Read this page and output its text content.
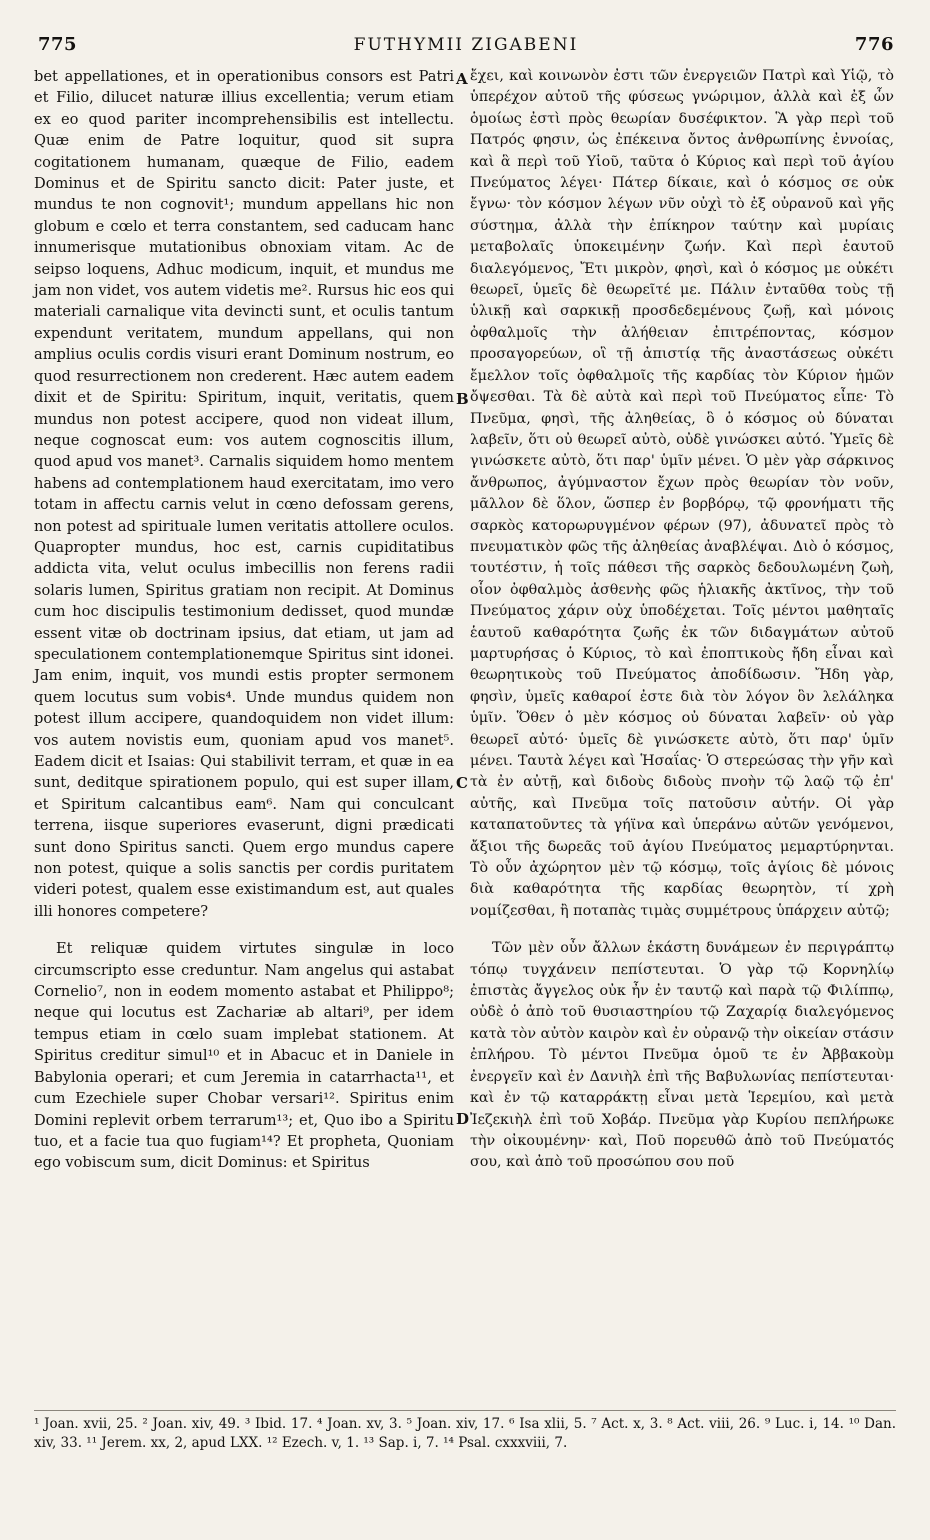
775	FUTHYMII ZIGABENI	776

bet appellationes, et in operationibus consors est Patri et Filio, dilucet naturæ illius excellentia; verum etiam ex eo quod pariter incomprehensibilis est intellectu. Quæ enim de Patre loquitur, quod sit supra cogitationem humanam, quæque de Filio, eadem Dominus et de Spiritu sancto dicit: Pater juste, et mundus te non cognovit¹; mundum appellans hic non globum e cœlo et terra constantem, sed caducam hanc innumerisque mutationibus obnoxiam vitam. Ac de seipso loquens, Adhuc modicum, inquit, et mundus me jam non videt, vos autem videtis me². Rursus hic eos qui materiali carnalique vita devincti sunt, et oculis tantum expendunt veritatem, mundum appellans, qui non amplius oculis cordis visuri erant Dominum nostrum, eo quod resurrectionem non crederent. Hæc autem eadem dixit et de Spiritu: Spiritum, inquit, veritatis, quem mundus non potest accipere, quod non videat illum, neque cognoscat eum: vos autem cognoscitis illum, quod apud vos manet³. Carnalis siquidem homo mentem habens ad contemplationem haud exercitatam, imo vero totam in affectu carnis velut in cœno defossam gerens, non potest ad spiritualе lumen veritatis attollere oculos. Quapropter mundus, hoc est, carnis cupiditatibus addicta vita, velut oculus imbecillis non ferens radii solaris lumen, Spiritus gratiam non recipit. At Dominus cum hoc discipulis testimonium dedisset, quod mundæ essent vitæ ob doctrinam ipsius, dat etiam, ut jam ad speculationem contemplationemque Spiritus sint idonei. Jam enim, inquit, vos mundi estis propter sermonem quem locutus sum vobis⁴. Unde mundus quidem non potest illum accipere, quandoquidem non videt illum: vos autem novistis eum, quoniam apud vos manet⁵. Eadem dicit et Isaias: Qui stabilivit terram, et quæ in ea sunt, deditque spirationem populo, qui est super illam, et Spiritum calcantibus eam⁶. Nam qui conculcant terrena, iisque superiores evaserunt, digni prædicati sunt dono Spiritus sancti. Quem ergo mundus capere non potest, quique a solis sanctis per cordis puritatem videri potest, qualem esse existimandum est, aut quales illi honores competere?

Et reliquæ quidem virtutes singulæ in loco circumscripto esse creduntur. Nam angelus qui astabat Cornelio⁷, non in eodem momento astabat et Philippo⁸; neque qui locutus est Zachariæ ab altari⁹, per idem tempus etiam in cœlo suam implebat stationem. At Spiritus creditur simul¹⁰ et in Abacuc et in Daniele in Babylonia operari; et cum Jeremia in catarrhacta¹¹, et cum Ezechiele super Chobar versari¹². Spiritus enim Domini replevit orbem terrarum¹³; et, Quo ibo a Spiritu tuo, et a facie tua quo fugiam¹⁴? Et propheta, Quoniam ego vobiscum sum, dicit Dominus: et Spiritus

A
B
C
D

ἔχει, καὶ κοινωνὸν ἐστι τῶν ἐνεργειῶν Πατρὶ καὶ Υἱῷ, τὸ ὑπερέχον αὐτοῦ τῆς φύσεως γνώριμον, ἀλλὰ καὶ ἐξ ὧν ὁμοίως ἐστὶ πρὸς θεωρίαν δυσέφικτον. Ἃ γὰρ περὶ τοῦ Πατρός φησιν, ὡς ἐπέκεινα ὄντος ἀνθρωπίνης ἐννοίας, καὶ ἃ περὶ τοῦ Υἱοῦ, ταῦτα ὁ Κύριος καὶ περὶ τοῦ ἁγίου Πνεύματος λέγει· Πάτερ δίκαιε, καὶ ὁ κόσμος σε οὐκ ἔγνω· τὸν κόσμον λέγων νῦν οὐχὶ τὸ ἐξ οὐρανοῦ καὶ γῆς σύστημα, ἀλλὰ τὴν ἐπίκηρον ταύτην καὶ μυρίαις μεταβολαῖς ὑποκειμένην ζωήν. Καὶ περὶ ἑαυτοῦ διαλεγόμενος, Ἔτι μικρὸν, φησὶ, καὶ ὁ κόσμος με οὐκέτι θεωρεῖ, ὑμεῖς δὲ θεωρεῖτέ με. Πάλιν ἐνταῦθα τοὺς τῇ ὑλικῇ καὶ σαρκικῇ προσδεδεμένους ζωῇ, καὶ μόνοις ὀφθαλμοῖς τὴν ἀλήθειαν ἐπιτρέποντας, κόσμον προσαγορεύων, οἳ τῇ ἀπιστίᾳ τῆς ἀναστάσεως οὐκέτι ἔμελλον τοῖς ὀφθαλμοῖς τῆς καρδίας τὸν Κύριον ἡμῶν ὄψεσθαι. Τὰ δὲ αὐτὰ καὶ περὶ τοῦ Πνεύματος εἶπε· Τὸ Πνεῦμα, φησὶ, τῆς ἀληθείας, ὃ ὁ κόσμος οὐ δύναται λαβεῖν, ὅτι οὐ θεωρεῖ αὐτὸ, οὐδὲ γινώσκει αὐτό. Ὑμεῖς δὲ γινώσκετε αὐτὸ, ὅτι παρ' ὑμῖν μένει. Ὁ μὲν γὰρ σάρκινος ἄνθρωπος, ἀγύμναστον ἔχων πρὸς θεωρίαν τὸν νοῦν, μᾶλλον δὲ ὅλον, ὥσπερ ἐν βορβόρῳ, τῷ φρονήματι τῆς σαρκὸς κατορωρυγμένον φέρων (97), ἀδυνατεῖ πρὸς τὸ πνευματικὸν φῶς τῆς ἀληθείας ἀναβλέψαι. Διὸ ὁ κόσμος, τουτέστιν, ἡ τοῖς πάθεσι τῆς σαρκὸς δεδουλωμένη ζωὴ, οἷον ὀφθαλμὸς ἀσθενὴς φῶς ἡλιακῆς ἀκτῖνος, τὴν τοῦ Πνεύματος χάριν οὐχ ὑποδέχεται. Τοῖς μέντοι μαθηταῖς ἑαυτοῦ καθαρότητα ζωῆς ἐκ τῶν διδαγμάτων αὐτοῦ μαρτυρήσας ὁ Κύριος, τὸ καὶ ἐποπτικοὺς ἤδη εἶναι καὶ θεωρητικοὺς τοῦ Πνεύματος ἀποδίδωσιν. Ἤδη γὰρ, φησὶν, ὑμεῖς καθαροί ἐστε διὰ τὸν λόγον ὃν λελάληκα ὑμῖν. Ὅθεν ὁ μὲν κόσμος οὐ δύναται λαβεῖν· οὐ γὰρ θεωρεῖ αὐτό· ὑμεῖς δὲ γινώσκετε αὐτὸ, ὅτι παρ' ὑμῖν μένει. Ταυτὰ λέγει καὶ Ἡσαΐας· Ὁ στερεώσας τὴν γῆν καὶ τὰ ἐν αὐτῇ, καὶ διδοὺς διδοὺς πνοὴν τῷ λαῷ τῷ ἐπ' αὐτῆς, καὶ Πνεῦμα τοῖς πατοῦσιν αὐτήν. Οἱ γὰρ καταπατοῦντες τὰ γήϊνα καὶ ὑπεράνω αὐτῶν γενόμενοι, ἄξιοι τῆς δωρεᾶς τοῦ ἁγίου Πνεύματος μεμαρτύρηνται. Τὸ οὖν ἀχώρητον μὲν τῷ κόσμῳ, τοῖς ἁγίοις δὲ μόνοις διὰ καθαρότητα τῆς καρδίας θεωρητὸν, τί χρὴ νομίζεσθαι, ἢ ποταπὰς τιμὰς συμμέτρους ὑπάρχειν αὐτῷ;

Τῶν μὲν οὖν ἄλλων ἑκάστη δυνάμεων ἐν περιγράπτῳ τόπῳ τυγχάνειν πεπίστευται. Ὁ γὰρ τῷ Κορνηλίῳ ἐπιστὰς ἄγγελος οὐκ ἦν ἐν ταυτῷ καὶ παρὰ τῷ Φιλίππῳ, οὐδὲ ὁ ἀπὸ τοῦ θυσιαστηρίου τῷ Ζαχαρίᾳ διαλεγόμενος κατὰ τὸν αὐτὸν καιρὸν καὶ ἐν οὐρανῷ τὴν οἰκείαν στάσιν ἐπλήρου. Τὸ μέντοι Πνεῦμα ὁμοῦ τε ἐν Ἀββακοὺμ ἐνεργεῖν καὶ ἐν Δανιὴλ ἐπὶ τῆς Βαβυλωνίας πεπίστευται· καὶ ἐν τῷ καταρράκτῃ εἶναι μετὰ Ἱερεμίου, καὶ μετὰ Ἰεζεκιὴλ ἐπὶ τοῦ Χοβάρ. Πνεῦμα γὰρ Κυρίου πεπλήρωκε τὴν οἰκουμένην· καὶ, Ποῦ πορευθῶ ἀπὸ τοῦ Πνεύματός σου, καὶ ἀπὸ τοῦ προσώπου σου ποῦ

¹ Joan. xvii, 25. ² Joan. xiv, 49. ³ Ibid. 17. ⁴ Joan. xv, 3. ⁵ Joan. xiv, 17. ⁶ Isa xlii, 5. ⁷ Act. x, 3. ⁸ Act. viii, 26. ⁹ Luc. i, 14. ¹⁰ Dan. xiv, 33. ¹¹ Jerem. xx, 2, apud LXX. ¹² Ezech. v, 1. ¹³ Sap. i, 7. ¹⁴ Psal. cxxxviii, 7.
